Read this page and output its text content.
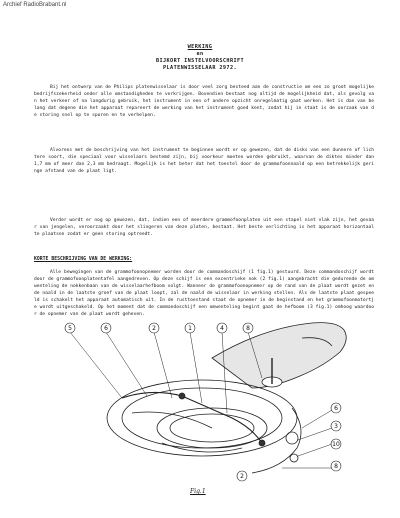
Archief RadioBrabant.nl
WERKING
en
BIJKORT INSTELVOORSCHRIFT
PLATENWISSELAAR 2972.
Bij het ontwerp van de Philips platenwisselaar is door veel zorg besteed aan de constructie om een zo groot mogelijke bedrijfszekerheid onder alle omstandigheden te verkrijgen. Bovendien bestaat nog altijd de mogelijkheid dat, als gevolg van het verkeer of na langdurig gebruik, het instrument in een of andere opzicht onregelmatig gaat werken. Het is dan van belang dat degene die het apparaat repareert de werking van het instrument goed kent, zodat hij in staat is de oorzaak van de storing snel op te sporen en te verhelpen.
Alvorens met de beschrijving van het instrument te beginnen wordt er op gewezen, dat de disks van een dunnere of lichtere soort, die speciaal voor wisselaars bestemd zijn, bij voorkeur moeten worden gebruikt, waarvan de diktes minder dan 1,7 mm of meer dan 2,3 mm bedraagt. Mogelijk is het beter dat het toestel door de grammofoonnaald op een betrekkelijk geringe afstand van de plaat ligt.
Verder wordt er nog op gewezen, dat, indien een of meerdere grammofoonplaten uit een stapel niet vlak zijn, het gevaar van jengelen, veroorzaakt door het slingeren van deze platen, bestaat. Het beste verlichting is het apparaat horizontaal te plaatsen zodat er geen storing optreedt.
KORTE BESCHRIJVING VAN DE WERKING:
Alle bewegingen van de grammofoonopnemer worden door de commandoschijf (1 fig.1) gestuurd. Deze commandoschijf wordt door de grammofoonplatentafel aangedreven. Op deze schijf is een excentrieke nok (2 fig.1) aangebracht die gedurende de omwenteling de nokkenbaan van de wisselaarhefboom volgt. Wanneer de grammofoonopnemer op de rand van de plaat wordt gezet en de naald in de laatste groef van de plaat loopt, zal de naald de wisselaar in werking stellen. Als de laatste plaat gespeeld is schakelt het apparaat automatisch uit. In de rusttoestand staat de opnemer in de beginstand en het grammofoonmotortje wordt uitgeschakeld. Op het moment dat de commandoschijf een omwenteling begint gaat de hefboom (3 fig.1) omhoog waardoor de opnemer van de plaat wordt geheven.
5	6	2	1	4	8
6
3
10
8
2
Fig.1
